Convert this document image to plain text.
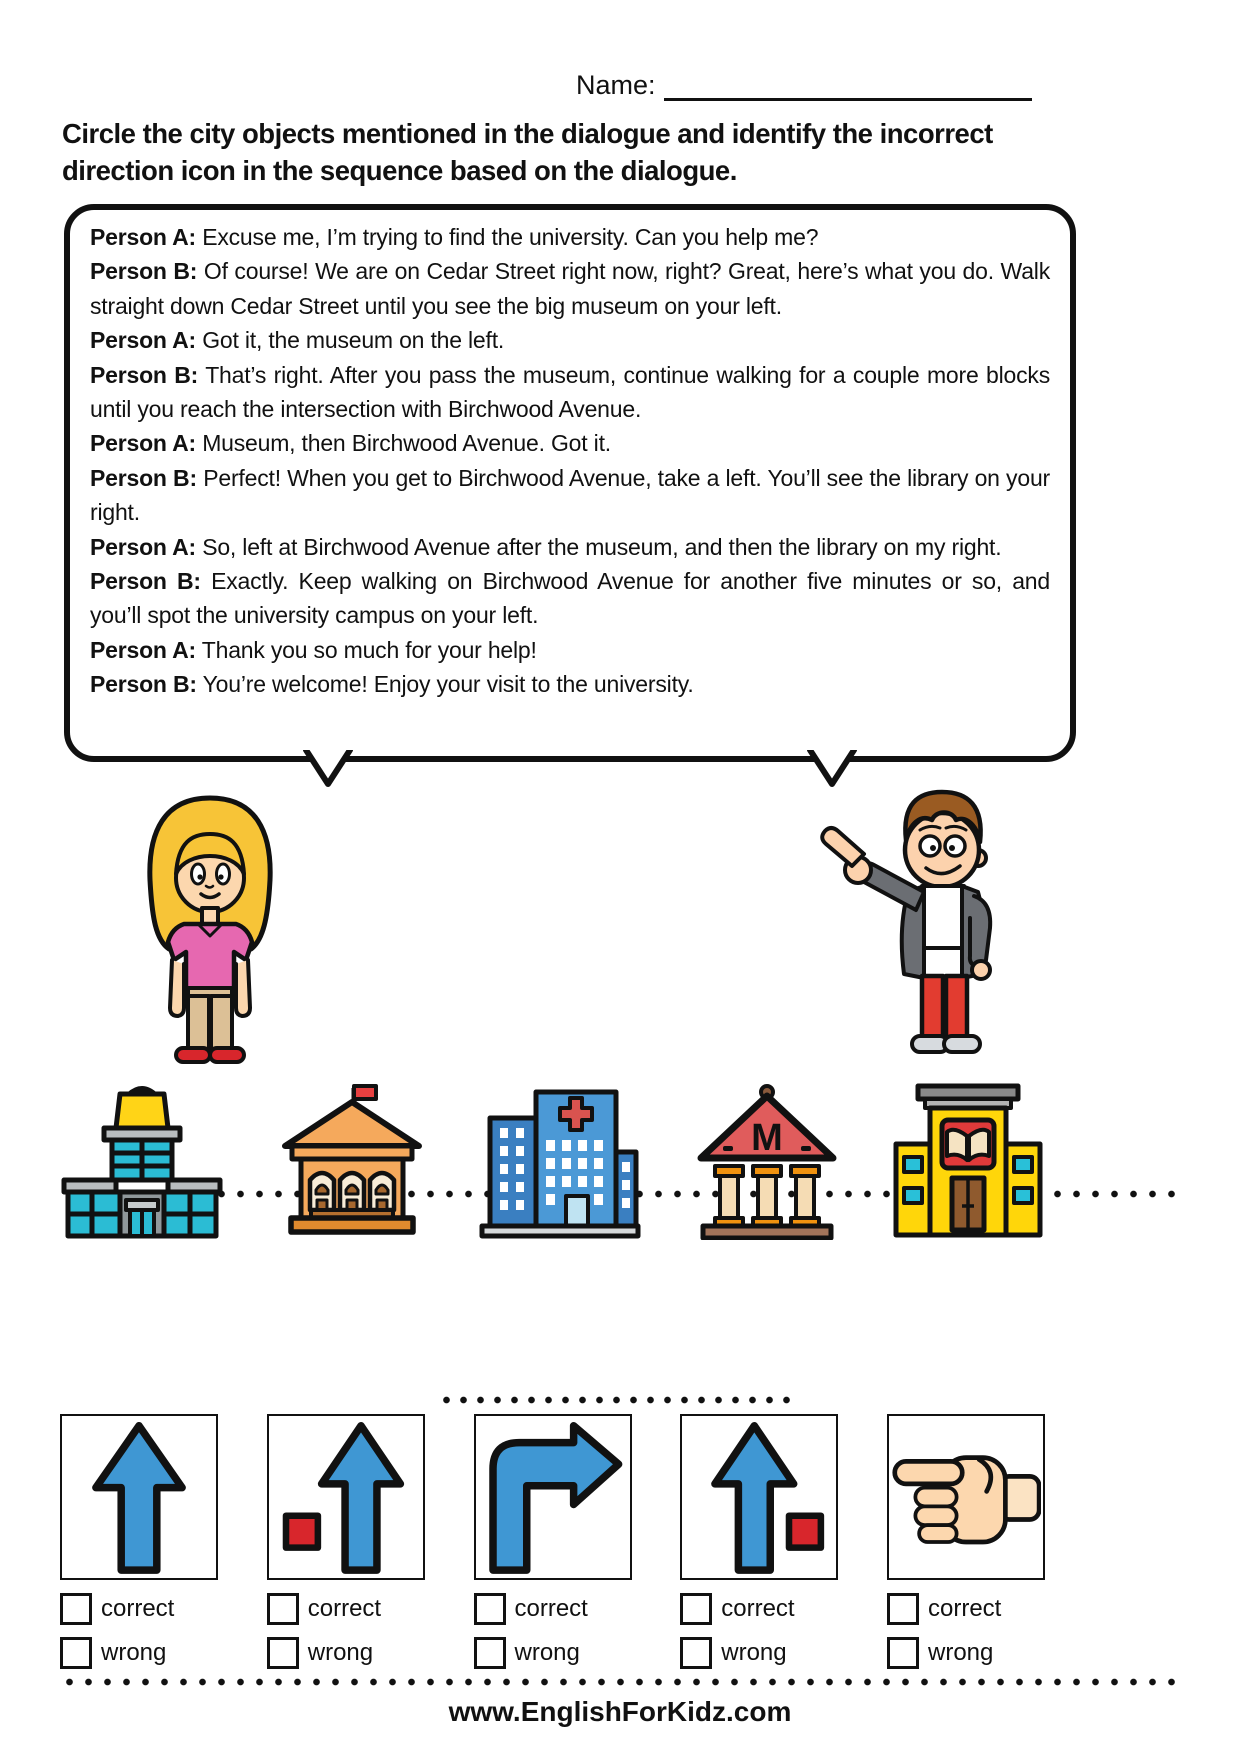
Name:
Circle the city objects mentioned in the dialogue and identify the incorrect direction icon in the sequence based on the dialogue.

Person A: Excuse me, I’m trying to find the university. Can you help me?

Person B: Of course! We are on Cedar Street right now, right? Great, here’s what you do. Walk straight down Cedar Street until you see the big museum on your left.

Person A: Got it, the museum on the left.

Person B: That’s right. After you pass the museum, continue walking for a couple more blocks until you reach the intersection with Birchwood Avenue.

Person A: Museum, then Birchwood Avenue. Got it.

Person B: Perfect! When you get to Birchwood Avenue, take a left. You’ll see the library on your right.

Person A: So, left at Birchwood Avenue after the museum, and then the library on my right.

Person B: Exactly. Keep walking on Birchwood Avenue for another five minutes or so, and you’ll spot the university campus on your left.

Person A: Thank you so much for your help!

Person B: You’re welcome! Enjoy your visit to the university.

M
correct
wrong
correct
wrong
correct
wrong
correct
wrong
correct
wrong
www.EnglishForKidz.com
